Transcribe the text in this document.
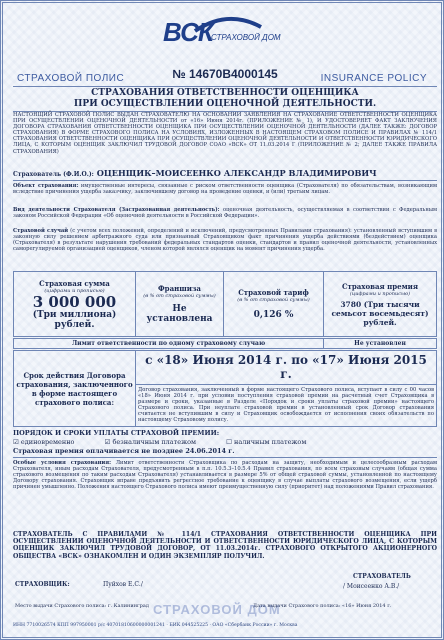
ВСК
СТРАХОВОЙ ДОМ
№ 14670В4000145
СТРАХОВОЙ ПОЛИС	INSURANCE POLICY
СТРАХОВАНИЯ ОТВЕТСТВЕННОСТИ ОЦЕНЩИКА
ПРИ ОСУЩЕСТВЛЕНИИ ОЦЕНОЧНОЙ ДЕЯТЕЛЬНОСТИ.
НАСТОЯЩИЙ СТРАХОВОЙ ПОЛИС ВЫДАН СТРАХОВАТЕЛЮ НА ОСНОВАНИИ ЗАЯВЛЕНИЯ НА СТРАХОВАНИЕ ОТВЕТСТВЕННОСТИ ОЦЕНЩИКА ПРИ ОСУЩЕСТВЛЕНИИ ОЦЕНОЧНОЙ ДЕЯТЕЛЬНОСТИ от «16» Июня 2014г. (ПРИЛОЖЕНИЕ № 1), И УДОСТОВЕРЯЕТ ФАКТ ЗАКЛЮЧЕНИЯ ДОГОВОРА СТРАХОВАНИЯ ОТВЕТСТВЕННОСТИ ОЦЕНЩИКА ПРИ ОСУЩЕСТВЛЕНИИ ОЦЕНОЧНОЙ ДЕЯТЕЛЬНОСТИ (ДАЛЕЕ ТАКЖЕ: ДОГОВОР СТРАХОВАНИЯ) В ФОРМЕ СТРАХОВОГО ПОЛИСА НА УСЛОВИЯХ, ИЗЛОЖЕННЫХ В НАСТОЯЩЕМ СТРАХОВОМ ПОЛИСЕ И ПРАВИЛАХ № 114/1 СТРАХОВАНИЯ ОТВЕТСТВЕННОСТИ ОЦЕНЩИКА ПРИ ОСУЩЕСТВЛЕНИИ ОЦЕНОЧНОЙ ДЕЯТЕЛЬНОСТИ И ОТВЕТСТВЕННОСТИ ЮРИДИЧЕСКОГО ЛИЦА, С КОТОРЫМ ОЦЕНЩИК ЗАКЛЮЧИЛ ТРУДОВОЙ ДОГОВОР СОАО «ВСК» ОТ 11.03.2014 Г (ПРИЛОЖЕНИЕ № 2; ДАЛЕЕ ТАКЖЕ ПРАВИЛА СТРАХОВАНИЯ)
Страхователь (Ф.И.О.): ОЦЕНЩИК–МОИСЕЕНКО АЛЕКСАНДР ВЛАДИМИРОВИЧ
Объект страхования: имущественные интересы, связанные с риском ответственности оценщика (Страхователя) по обязательствам, возникающим вследствие причинения ущерба заказчику, заключившему договор на проведение оценки, и (или) третьим лицам.
Вид деятельности Страхователя (Застрахованная деятельность): оценочная деятельность, осуществляемая в соответствии с Федеральным законом Российской Федерации «Об оценочной деятельности в Российской Федерации».
Страховой случай (с учетом всех положений, определений и исключений, предусмотренных Правилами страхования): установленный вступившим в законную силу решением арбитражного суда или признанный Страховщиком факт причинения ущерба действиями (бездействием) оценщика (Страхователя) в результате нарушения требований федеральных стандартов оценки, стандартов и правил оценочной деятельности, установленных саморегулируемой организацией оценщиков, членом которой являлся оценщик на момент причинения ущерба.
Страховая сумма
(цифрами и прописью)
3 000 000
(Три миллиона) рублей.

Франшиза
(в % от страховой суммы)
Не установлена

Страховой тариф
(в % от страховой суммы)
0,126 %

Страховая премия
(цифрами и прописью)
3780 (Три тысячи семьсот восемьдесят) рублей.
Лимит ответственности по одному страховому случаю	Не установлен
Срок действия Договора страхования, заключенного в форме настоящего страхового полиса:	с «18» Июня 2014 г. по «17» Июня 2015 г.
Договор страхования, заключенный в форме настоящего Страхового полиса, вступает в силу с 00 часов «18» Июня 2014 г. при условии поступления страховой премии на расчетный счет Страховщика в размере и сроки, указанные в Разделе «Порядок и сроки уплаты страховой премии» настоящего Страхового полиса. При неуплате страховой премии в установленный срок Договор страхования считается не вступившим в силу и Страховщик освобождается от исполнения своих обязательств по настоящему Страховому полису.
ПОРЯДОК И СРОКИ УПЛАТЫ СТРАХОВОЙ ПРЕМИИ:
☑ единовременно	☑ безналичным платежом	☐ наличным платежом
Страховая премия оплачивается не позднее 24.06.2014 г.
Особые условия страхования: Лимит ответственности Страховщика по расходам на защиту, необходимым и целесообразным расходам Страхователя, иным расходам Страхователя, предусмотренным в п.п. 10.5.3–10.5.4 Правил страхования, по всем страховым случаям (общая сумма страхового возмещения по таким расходам Страхователя) устанавливается в размере 5% от общей страховой суммы, установленной по настоящему Договору страхования. Страховщик вправе предъявить регрессное требование к оценщику в случае выплаты страхового возмещения, если ущерб причинен умышленно. Положения настоящего Страхового полиса имеют преимущественную силу (приоритет) над положениями Правил страхования.
СТРАХОВАТЕЛЬ С ПРАВИЛАМИ № 114/1 СТРАХОВАНИЯ ОТВЕТСТВЕННОСТИ ОЦЕНЩИКА ПРИ ОСУЩЕСТВЛЕНИИ ОЦЕНОЧНОЙ ДЕЯТЕЛЬНОСТИ И ОТВЕТСТВЕННОСТИ ЮРИДИЧЕСКОГО ЛИЦА, С КОТОРЫМ ОЦЕНЩИК ЗАКЛЮЧИЛ ТРУДОВОЙ ДОГОВОР, ОТ 11.03.2014г. СТРАХОВОГО ОТКРЫТОГО АКЦИОНЕРНОГО ОБЩЕСТВА «ВСК» ОЗНАКОМЛЕН И ОДИН ЭКЗЕМПЛЯР ПОЛУЧИЛ.
СТРАХОВЩИК:	Пуйхов Е.С./
СТРАХОВАТЕЛЬ
/ Моисеенко А.В./
СТРАХОВОЙ ДОМ
Место выдачи Страхового полиса: г. Калининград	Дата выдачи Страхового полиса: «16» Июня 2014 г.
ИНН 7710026574 КПП 997950001 р/с 40701810600000001241 · БИК 044525225 · ОАО «Сбербанк России» г. Москва
